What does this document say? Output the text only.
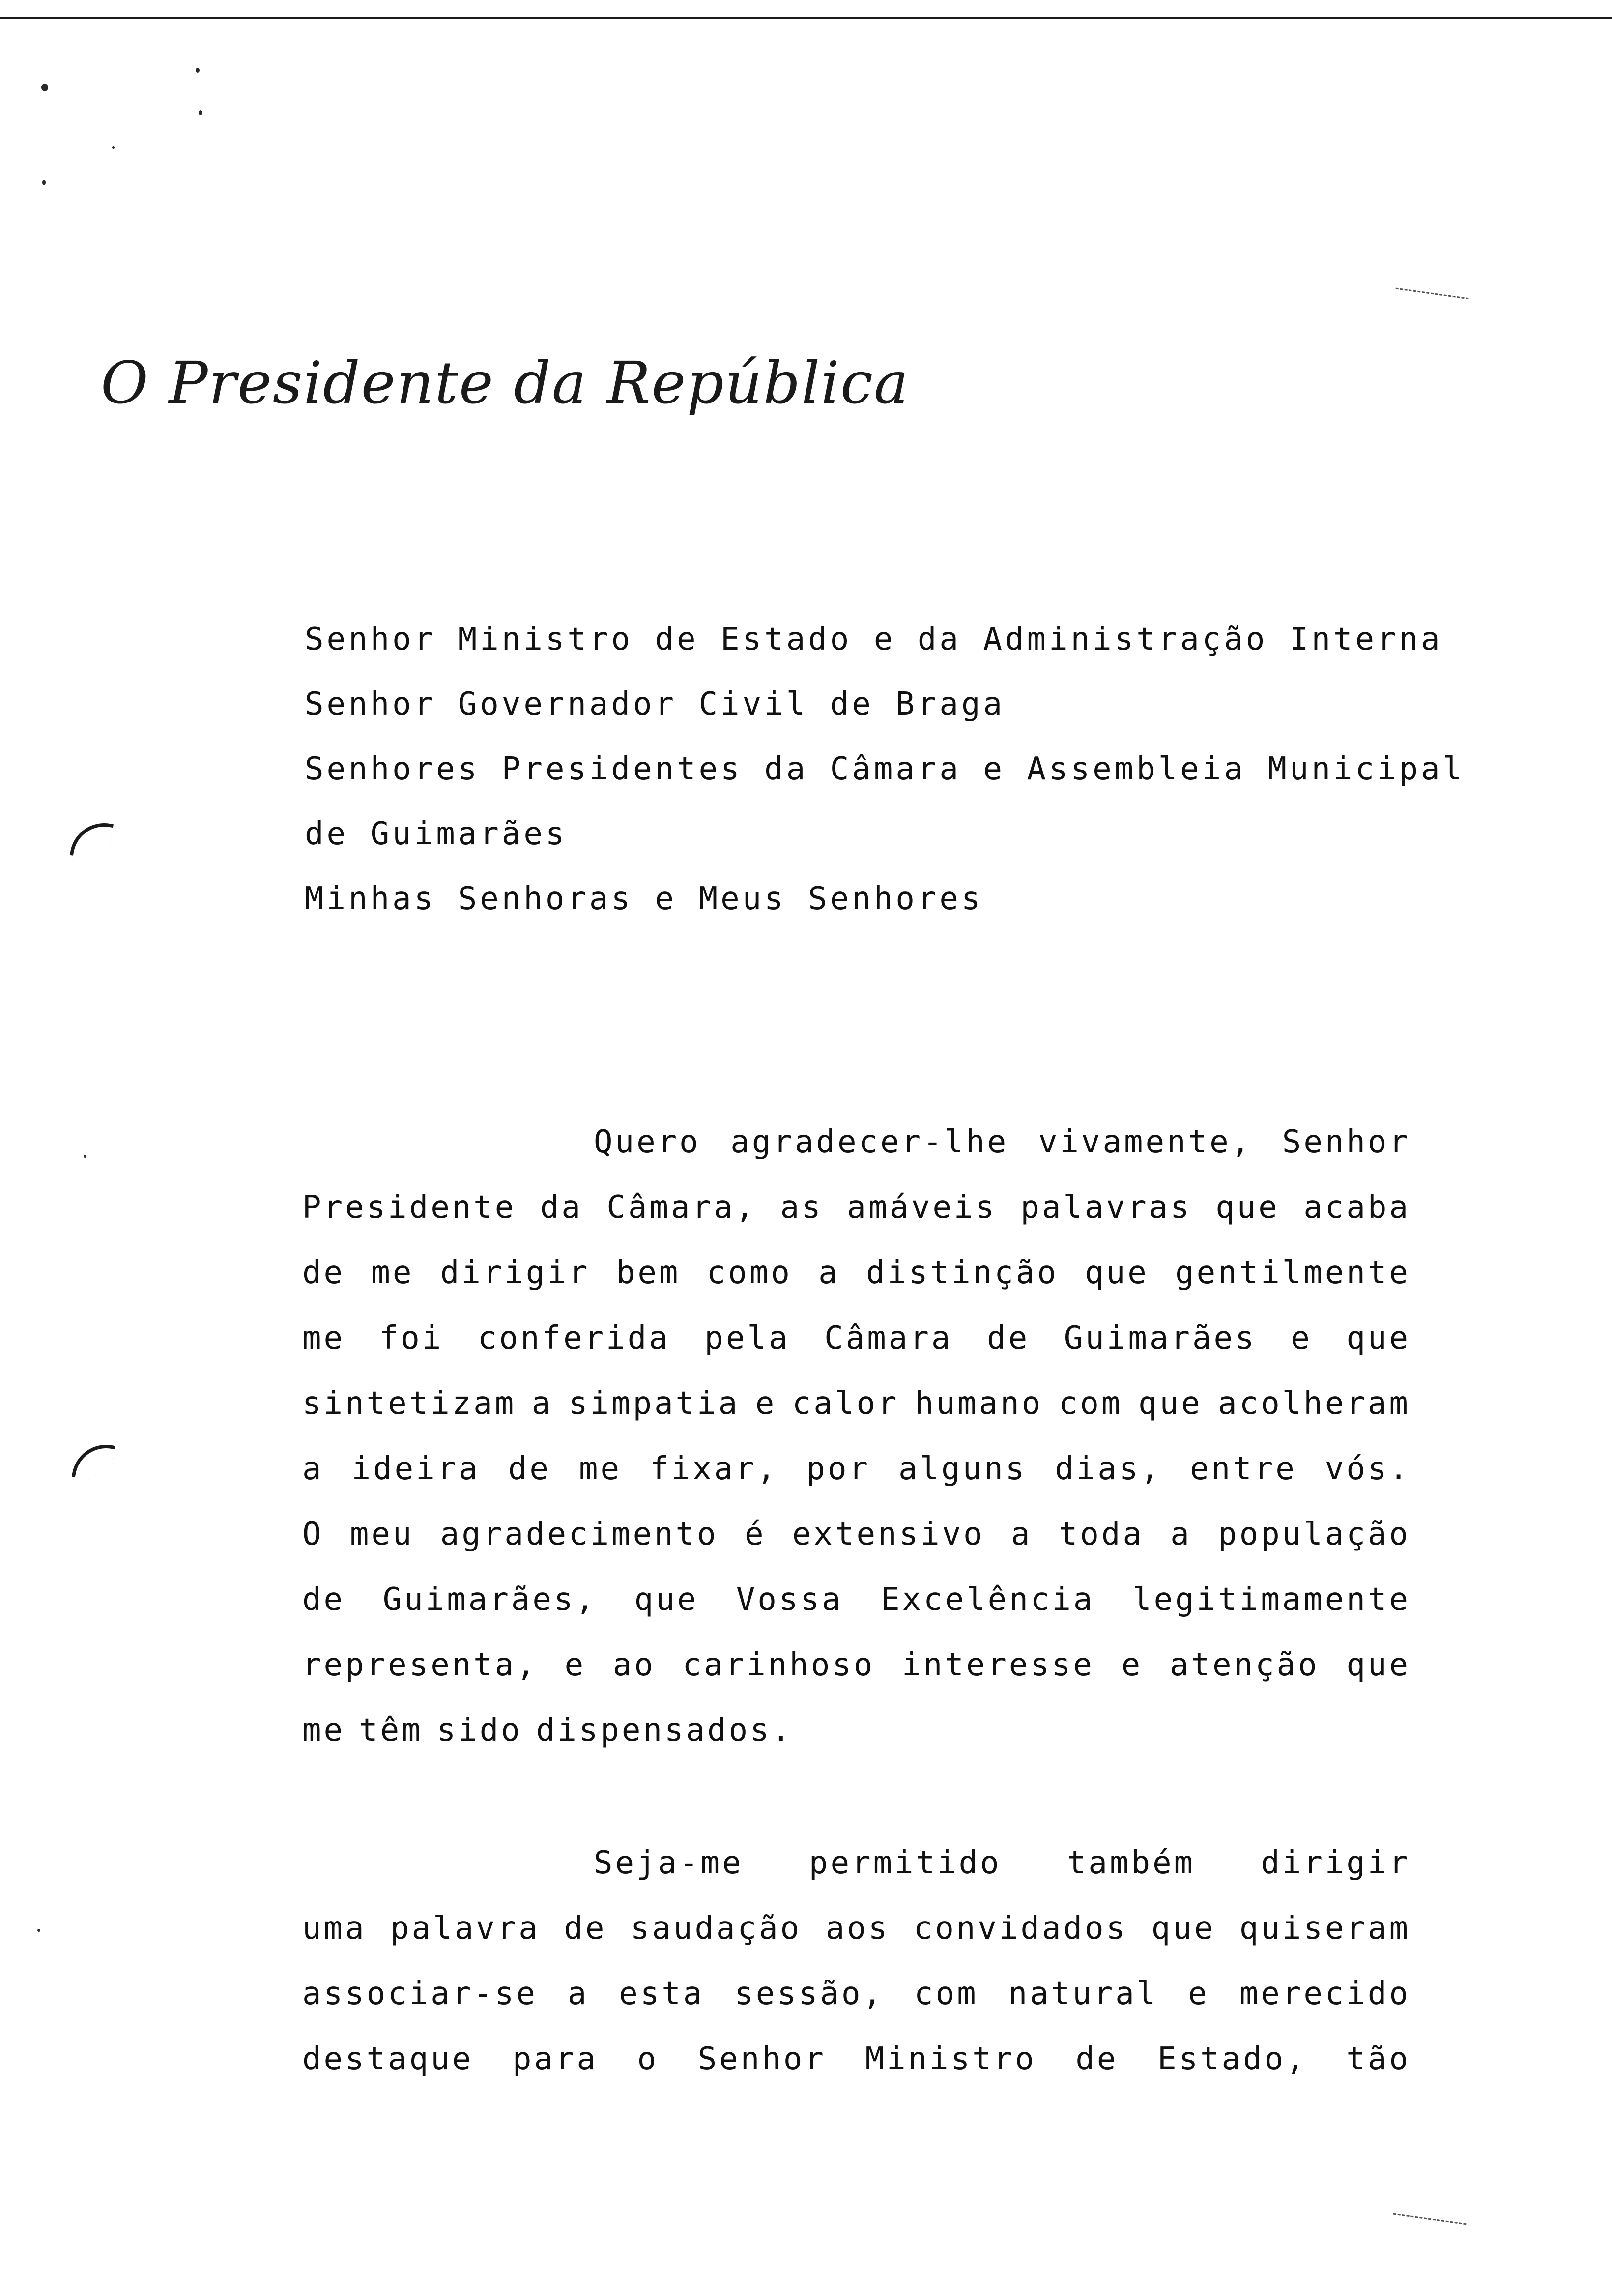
O Presidente da República
Senhor Ministro de Estado e da Administração Interna
Senhor Governador Civil de Braga
Senhores Presidentes da Câmara e Assembleia Municipal
de Guimarães
Minhas Senhoras e Meus Senhores
Quero agradecer-lhe vivamente, Senhor
Presidente da Câmara, as amáveis palavras que acaba
de me dirigir bem como a distinção que gentilmente
me foi conferida pela Câmara de Guimarães e que
sintetizam a simpatia e calor humano com que acolheram
a ideira de me fixar, por alguns dias, entre vós.
O meu agradecimento é extensivo a toda a população
de Guimarães, que Vossa Excelência legitimamente
representa, e ao carinhoso interesse e atenção que
me têm sido dispensados.
Seja-me permitido também dirigir
uma palavra de saudação aos convidados que quiseram
associar-se a esta sessão, com natural e merecido
destaque para o Senhor Ministro de Estado, tão
